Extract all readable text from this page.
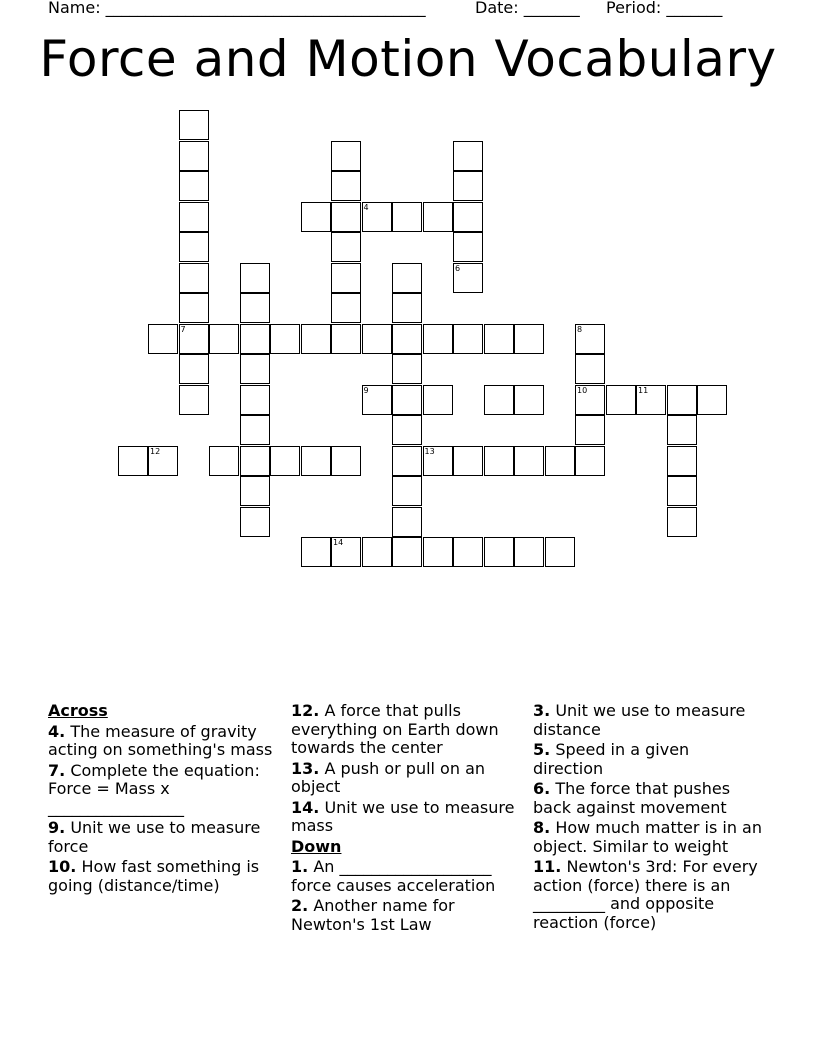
Name: ________________________________________	Date: _______ Period: _______
Force and Motion Vocabulary
7
6
4
8
10
9	11
12	13
14
Across
4. The measure of gravity acting on something's mass
7. Complete the equation: Force = Mass x _________________
9. Unit we use to measure force
10. How fast something is going (distance/time)
12. A force that pulls everything on Earth down towards the center
13. A push or pull on an object
14. Unit we use to measure mass
Down
1. An ___________________ force causes acceleration
2. Another name for Newton's 1st Law
3. Unit we use to measure distance
5. Speed in a given direction
6. The force that pushes back against movement
8. How much matter is in an object. Similar to weight
11. Newton's 3rd: For every action (force) there is an _________ and opposite reaction (force)
